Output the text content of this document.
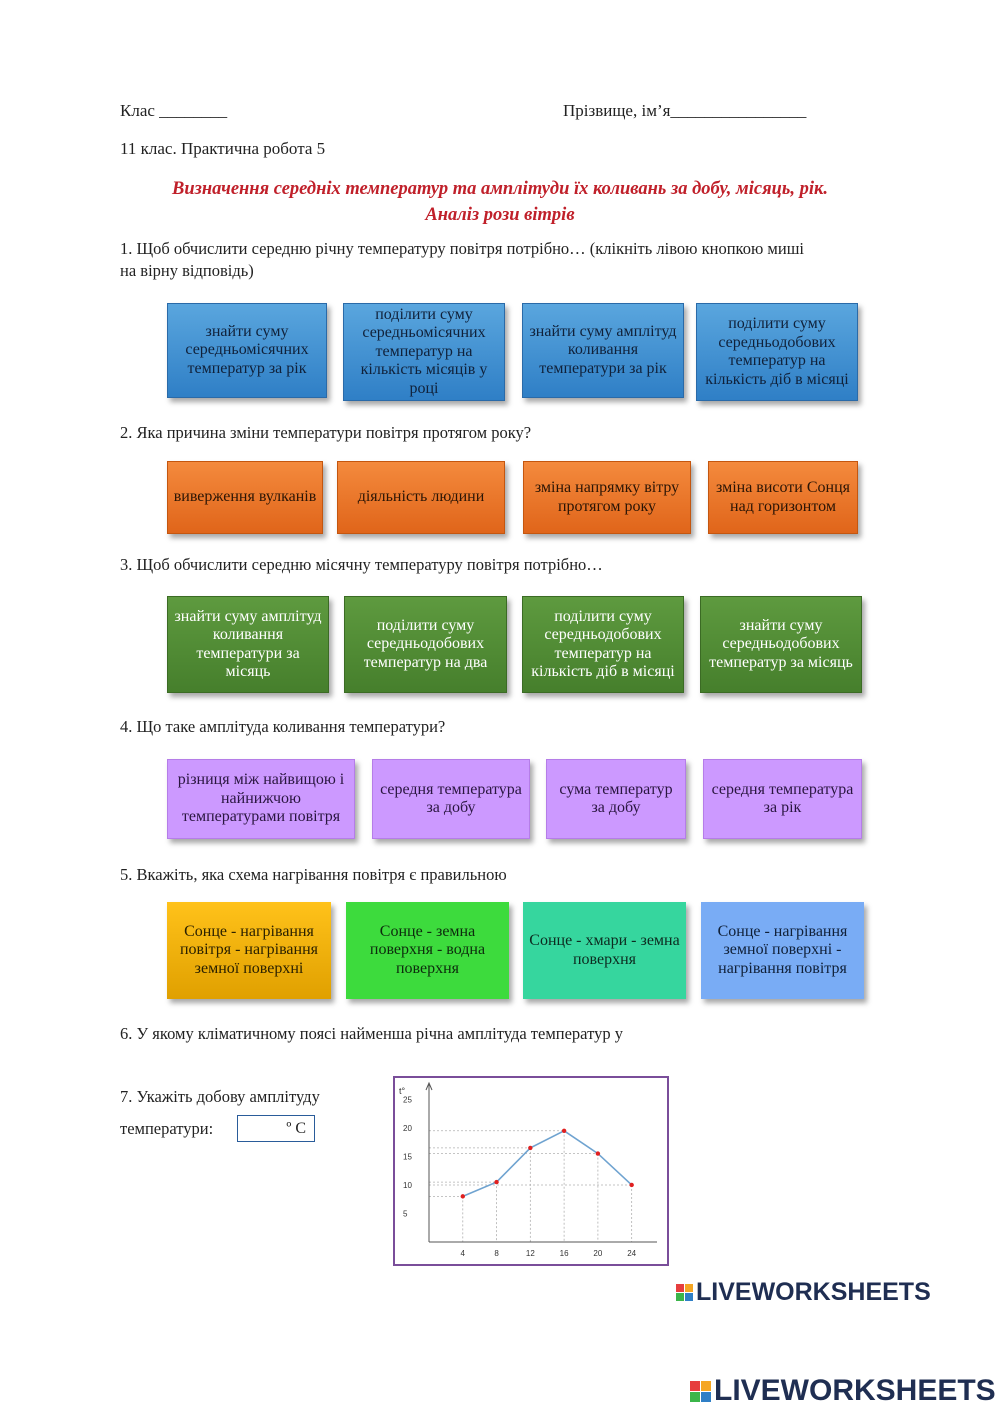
Клас ________	Прізвище, ім’я________________
11 клас. Практична робота 5
Визначення середніх температур та амплітуди їх коливань за добу, місяць, рік.
Аналіз рози вітрів
1. Щоб обчислити середню річну температуру повітря потрібно… (клікніть лівою кнопкою миші
на вірну відповідь)
знайти суму середньомісячних температур за рік
поділити суму середньомісячних температур на кількість місяців у році
знайти суму амплітуд коливання температури за рік
поділити суму середньодобових температур на кількість діб в місяці
2. Яка причина зміни температури повітря протягом року?
виверження вулканів	діяльність людини
зміна напрямку вітру протягом року
зміна висоти Сонця над горизонтом
3. Щоб обчислити середню місячну температуру повітря потрібно…
знайти суму амплітуд коливання температури за місяць
поділити суму середньодобових температур на два
поділити суму середньодобових температур на кількість діб в місяці
знайти суму середньодобових температур за місяць
4. Що таке амплітуда коливання температури?
різниця між найвищою і найнижчою температурами повітря
середня температура за добу
сума температур за добу
середня температура за рік
5. Вкажіть, яка схема нагрівання повітря є правильною
Сонце - нагрівання повітря - нагрівання земної поверхні
Сонце - земна поверхня - водна поверхня
Сонце - хмари - земна поверхня
Сонце - нагрівання земної поверхні - нагрівання повітря
6. У якому кліматичному поясі найменша річна амплітуда температур у
7. Укажіть добову амплітуду
температури:	º C
t°
4	8	12	16	20	24
5
10
15
20
25
LIVEWORKSHEETS
LIVEWORKSHEETS
